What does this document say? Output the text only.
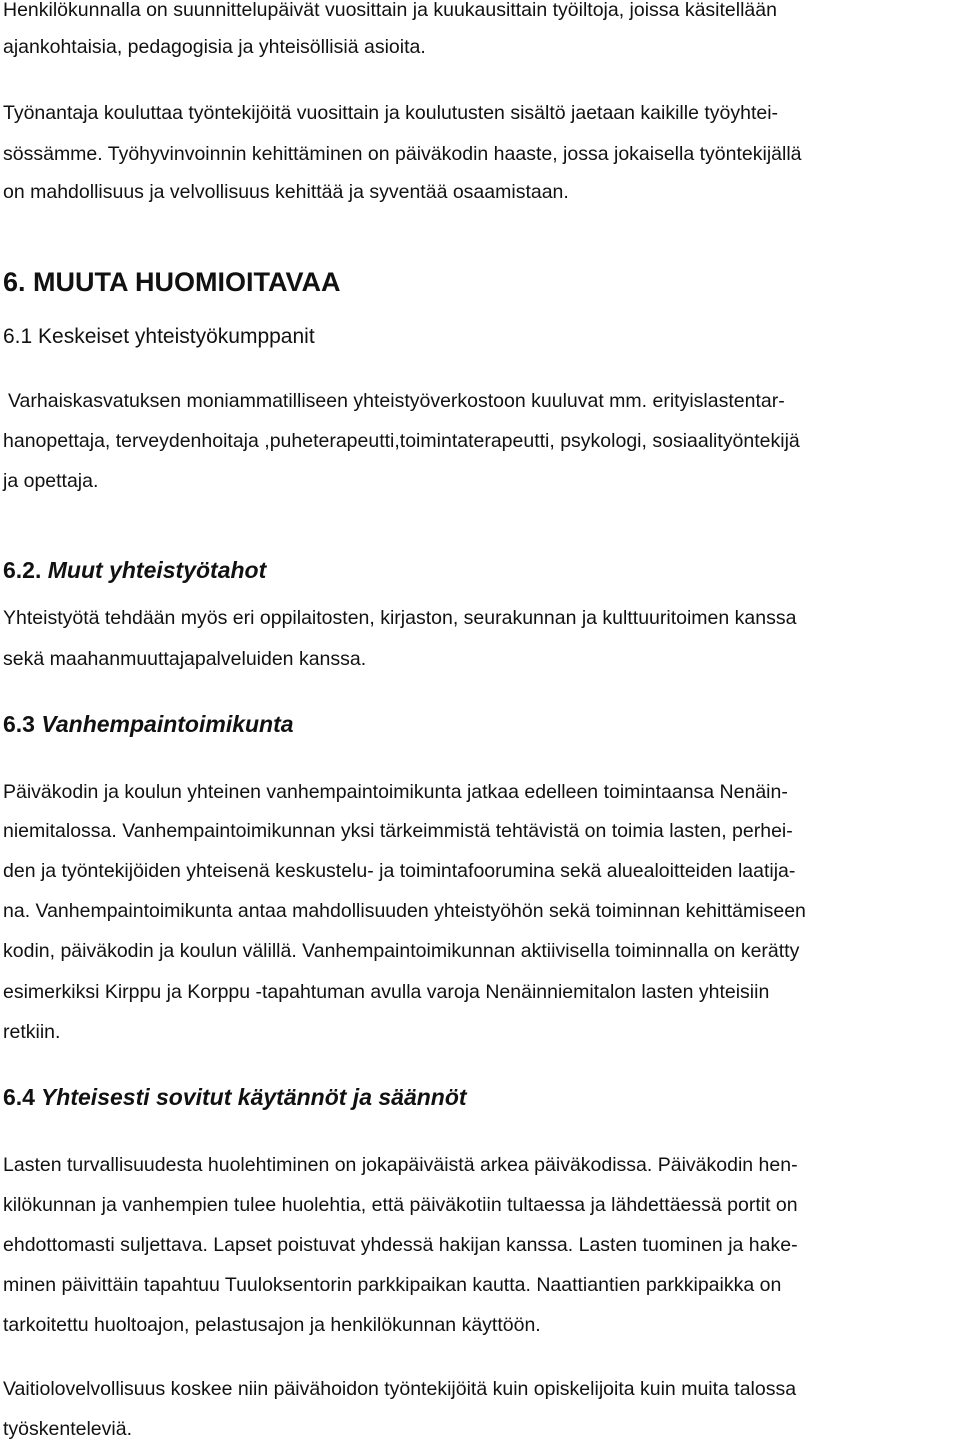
Henkilökunnalla on suunnittelupäivät vuosittain ja kuukausittain työiltoja, joissa käsitellään
ajankohtaisia, pedagogisia ja yhteisöllisiä asioita.
Työnantaja kouluttaa työntekijöitä vuosittain ja koulutusten sisältö jaetaan kaikille työyhtei-
sössämme. Työhyvinvoinnin kehittäminen on päiväkodin haaste, jossa jokaisella työntekijällä
on mahdollisuus ja velvollisuus kehittää ja syventää osaamistaan.
6. MUUTA HUOMIOITAVAA
6.1 Keskeiset yhteistyökumppanit
Varhaiskasvatuksen moniammatilliseen yhteistyöverkostoon kuuluvat mm. erityislastentar-
hanopettaja, terveydenhoitaja ,puheterapeutti,toimintaterapeutti, psykologi, sosiaalityöntekijä
ja opettaja.
6.2. Muut yhteistyötahot
Yhteistyötä tehdään myös eri oppilaitosten, kirjaston, seurakunnan ja kulttuuritoimen kanssa
sekä maahanmuuttajapalveluiden kanssa.
6.3 Vanhempaintoimikunta
Päiväkodin ja koulun yhteinen vanhempaintoimikunta jatkaa edelleen toimintaansa Nenäin-
niemitalossa. Vanhempaintoimikunnan yksi tärkeimmistä tehtävistä on toimia lasten, perhei-
den ja työntekijöiden yhteisenä keskustelu- ja toimintafoorumina sekä aluealoitteiden laatija-
na. Vanhempaintoimikunta antaa mahdollisuuden yhteistyöhön sekä toiminnan kehittämiseen
kodin, päiväkodin ja koulun välillä. Vanhempaintoimikunnan aktiivisella toiminnalla on kerätty
esimerkiksi Kirppu ja Korppu -tapahtuman avulla varoja Nenäinniemitalon lasten yhteisiin
retkiin.
6.4 Yhteisesti sovitut käytännöt ja säännöt
Lasten turvallisuudesta huolehtiminen on jokapäiväistä arkea päiväkodissa. Päiväkodin hen-
kilökunnan ja vanhempien tulee huolehtia, että päiväkotiin tultaessa ja lähdettäessä portit on
ehdottomasti suljettava. Lapset poistuvat yhdessä hakijan kanssa. Lasten tuominen ja hake-
minen päivittäin tapahtuu Tuuloksentorin parkkipaikan kautta. Naattiantien parkkipaikka on
tarkoitettu huoltoajon, pelastusajon ja henkilökunnan käyttöön.
Vaitiolovelvollisuus koskee niin päivähoidon työntekijöitä kuin opiskelijoita kuin muita talossa
työskenteleviä.
